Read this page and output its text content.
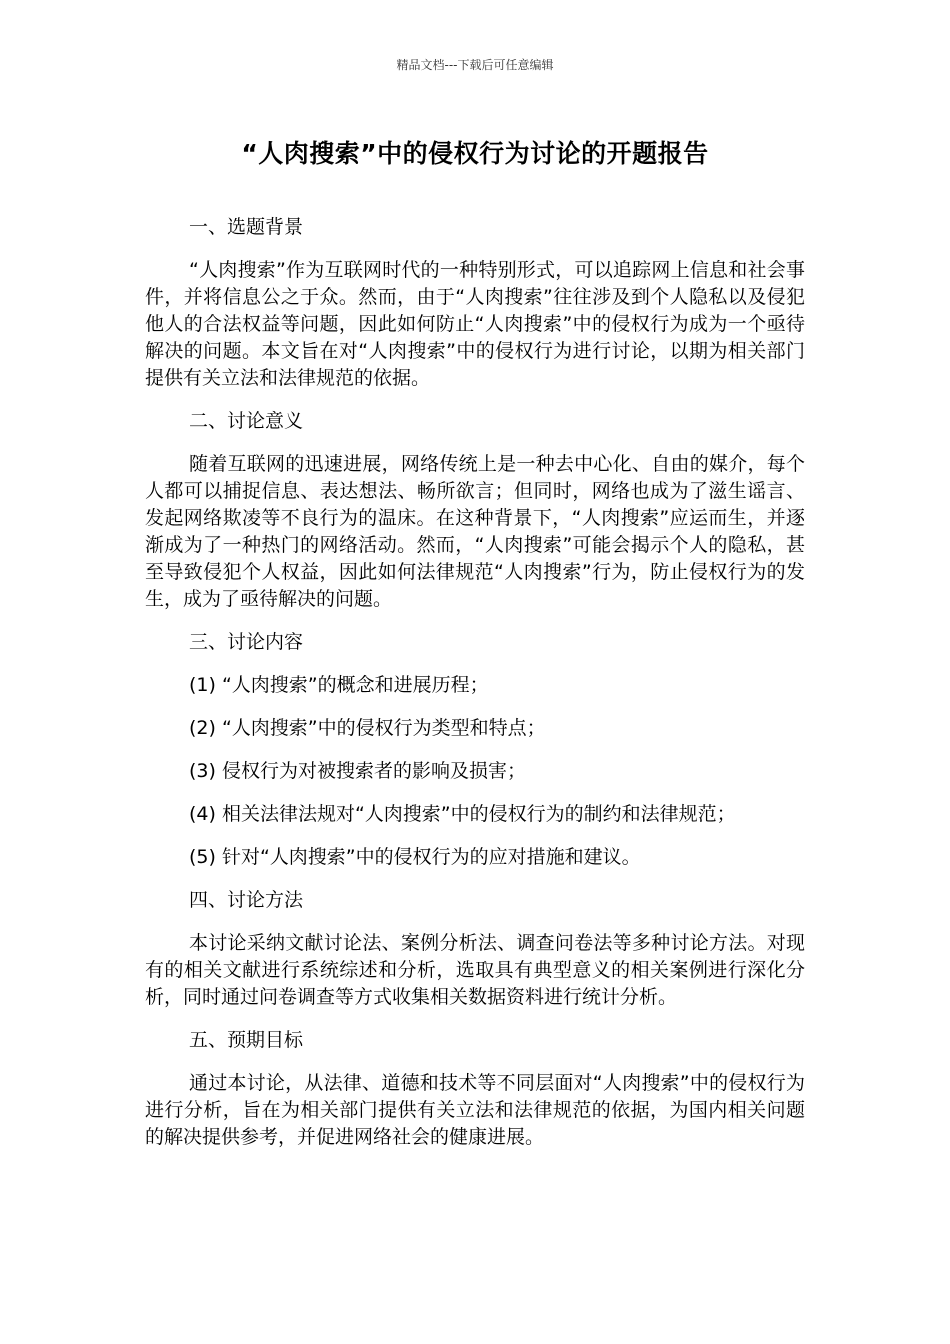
精品文档---下载后可任意编辑
“人肉搜索”中的侵权行为讨论的开题报告

一、选题背景

“人肉搜索”作为互联网时代的一种特别形式，可以追踪网上信息和社会事件，并将信息公之于众。然而，由于“人肉搜索”往往涉及到个人隐私以及侵犯他人的合法权益等问题，因此如何防止“人肉搜索”中的侵权行为成为一个亟待解决的问题。本文旨在对“人肉搜索”中的侵权行为进行讨论，以期为相关部门提供有关立法和法律规范的依据。

二、讨论意义

随着互联网的迅速进展，网络传统上是一种去中心化、自由的媒介，每个人都可以捕捉信息、表达想法、畅所欲言；但同时，网络也成为了滋生谣言、发起网络欺凌等不良行为的温床。在这种背景下，“人肉搜索”应运而生，并逐渐成为了一种热门的网络活动。然而，“人肉搜索”可能会揭示个人的隐私，甚至导致侵犯个人权益，因此如何法律规范“人肉搜索”行为，防止侵权行为的发生，成为了亟待解决的问题。

三、讨论内容

(1) “人肉搜索”的概念和进展历程；

(2) “人肉搜索”中的侵权行为类型和特点；

(3) 侵权行为对被搜索者的影响及损害；

(4) 相关法律法规对“人肉搜索”中的侵权行为的制约和法律规范；

(5) 针对“人肉搜索”中的侵权行为的应对措施和建议。

四、讨论方法

本讨论采纳文献讨论法、案例分析法、调查问卷法等多种讨论方法。对现有的相关文献进行系统综述和分析，选取具有典型意义的相关案例进行深化分析，同时通过问卷调查等方式收集相关数据资料进行统计分析。

五、预期目标

通过本讨论，从法律、道德和技术等不同层面对“人肉搜索”中的侵权行为进行分析，旨在为相关部门提供有关立法和法律规范的依据，为国内相关问题的解决提供参考，并促进网络社会的健康进展。
